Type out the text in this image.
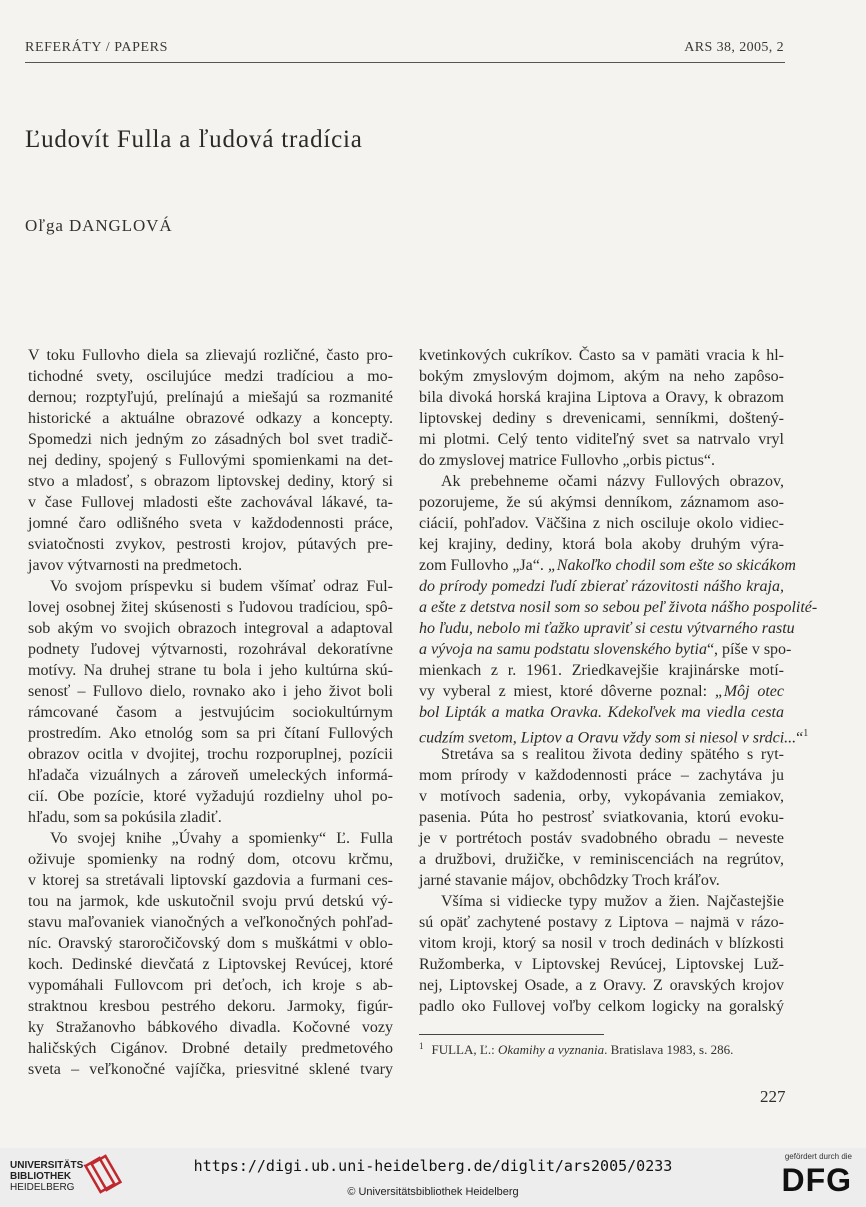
REFERÁTY / PAPERS	ARS 38, 2005, 2
Ľudovít Fulla a ľudová tradícia
Oľga DANGLOVÁ
V toku Fullovho diela sa zlievajú rozličné, často pro-
tichodné svety, oscilujúce medzi tradíciou a mo-
dernou; rozptyľujú, prelínajú a miešajú sa rozmanité
historické a aktuálne obrazové odkazy a koncepty.
Spomedzi nich jedným zo zásadných bol svet tradič-
nej dediny, spojený s Fullovými spomienkami na det-
stvo a mladosť, s obrazom liptovskej dediny, ktorý si
v čase Fullovej mladosti ešte zachovával lákavé, ta-
jomné čaro odlišného sveta v každodennosti práce,
sviatočnosti zvykov, pestrosti krojov, pútavých pre-
javov výtvarnosti na predmetoch.
Vo svojom príspevku si budem všímať odraz Ful-
lovej osobnej žitej skúsenosti s ľudovou tradíciou, spô-
sob akým vo svojich obrazoch integroval a adaptoval
podnety ľudovej výtvarnosti, rozohrával dekoratívne
motívy. Na druhej strane tu bola i jeho kultúrna skú-
senosť – Fullovo dielo, rovnako ako i jeho život boli
rámcované časom a jestvujúcim sociokultúrnym
prostredím. Ako etnológ som sa pri čítaní Fullových
obrazov ocitla v dvojitej, trochu rozporuplnej, pozícii
hľadača vizuálnych a zároveň umeleckých informá-
cií. Obe pozície, ktoré vyžadujú rozdielny uhol po-
hľadu, som sa pokúsila zladiť.
Vo svojej knihe „Úvahy a spomienky“ Ľ. Fulla
oživuje spomienky na rodný dom, otcovu krčmu,
v ktorej sa stretávali liptovskí gazdovia a furmani ces-
tou na jarmok, kde uskutočnil svoju prvú detskú vý-
stavu maľovaniek vianočných a veľkonočných pohľad-
níc. Oravský staroročičovský dom s muškátmi v oblo-
koch. Dedinské dievčatá z Liptovskej Revúcej, ktoré
vypomáhali Fullovcom pri deťoch, ich kroje s ab-
straktnou kresbou pestrého dekoru. Jarmoky, figúr-
ky Stražanovho bábkového divadla. Kočovné vozy
haličských Cigánov. Drobné detaily predmetového
sveta – veľkonočné vajíčka, priesvitné sklené tvary
kvetinkových cukríkov. Často sa v pamäti vracia k hl-
bokým zmyslovým dojmom, akým na neho zapôso-
bila divoká horská krajina Liptova a Oravy, k obrazom
liptovskej dediny s drevenicami, senníkmi, doštený-
mi plotmi. Celý tento viditeľný svet sa natrvalo vryl
do zmyslovej matrice Fullovho „orbis pictus“.
Ak prebehneme očami názvy Fullových obrazov,
pozorujeme, že sú akýmsi denníkom, záznamom aso-
ciácií, pohľadov. Väčšina z nich osciluje okolo vidiec-
kej krajiny, dediny, ktorá bola akoby druhým výra-
zom Fullovho „Ja“. „Nakoľko chodil som ešte so skicákom
do prírody pomedzi ľudí zbierať rázovitosti nášho kraja,
a ešte z detstva nosil som so sebou peľ života nášho pospolité-
ho ľudu, nebolo mi ťažko upraviť si cestu výtvarného rastu
a vývoja na samu podstatu slovenského bytia“, píše v spo-
mienkach z r. 1961. Zriedkavejšie krajinárske motí-
vy vyberal z miest, ktoré dôverne poznal: „Môj otec
bol Lipták a matka Oravka. Kdekoľvek ma viedla cesta
cudzím svetom, Liptov a Oravu vždy som si niesol v srdci...“$^1$
Stretáva sa s realitou života dediny spätého s ryt-
mom prírody v každodennosti práce – zachytáva ju
v motívoch sadenia, orby, vykopávania zemiakov,
pasenia. Púta ho pestrosť sviatkovania, ktorú evoku-
je v portrétoch postáv svadobného obradu – neveste
a družbovi, družičke, v reminiscenciách na regrútov,
jarné stavanie májov, obchôdzky Troch kráľov.
Všíma si vidiecke typy mužov a žien. Najčastejšie
sú opäť zachytené postavy z Liptova – najmä v rázo-
vitom kroji, ktorý sa nosil v troch dedinách v blízkosti
Ružomberka, v Liptovskej Revúcej, Liptovskej Luž-
nej, Liptovskej Osade, a z Oravy. Z oravských krojov
padlo oko Fullovej voľby celkom logicky na goralský
$^1$ FULLA, Ľ.: Okamihy a vyznania. Bratislava 1983, s. 286.
227
UNIVERSITÄTS-
BIBLIOTHEK
HEIDELBERG
https://digi.ub.uni-heidelberg.de/diglit/ars2005/0233
© Universitätsbibliothek Heidelberg
gefördert durch die
DFG
